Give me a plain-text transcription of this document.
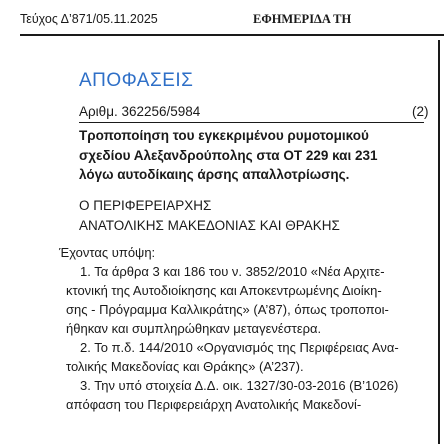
Τεύχος Δ’871/05.11.2025	ΕΦΗΜΕΡΙΔΑ ΤΗ
ΑΠΟΦΑΣΕΙΣ
Αριθμ. 362256/5984	(2)
Τροποποίηση του εγκεκριμένου ρυμοτομικού
σχεδίου Αλεξανδρούπολης στα ΟΤ 229 και 231
λόγω αυτοδίκαιης άρσης απαλλοτρίωσης.
Ο ΠΕΡΙΦΕΡΕΙΑΡΧΗΣ
ΑΝΑΤΟΛΙΚΗΣ ΜΑΚΕΔΟΝΙΑΣ ΚΑΙ ΘΡΑΚΗΣ
Έχοντας υπόψη:
1. Τα άρθρα 3 και 186 του ν. 3852/2010 «Νέα Αρχιτε-
κτονική της Αυτοδιοίκησης και Αποκεντρωμένης Διοίκη-
σης - Πρόγραμμα Καλλικράτης» (Α’87), όπως τροποποι-
ήθηκαν και συμπληρώθηκαν μεταγενέστερα.
2. Το π.δ. 144/2010 «Οργανισμός της Περιφέρειας Ανα-
τολικής Μακεδονίας και Θράκης» (Α’237).
3. Την υπό στοιχεία Δ.Δ. οικ. 1327/30-03-2016 (Β’1026)
απόφαση του Περιφερειάρχη Ανατολικής Μακεδονί-
